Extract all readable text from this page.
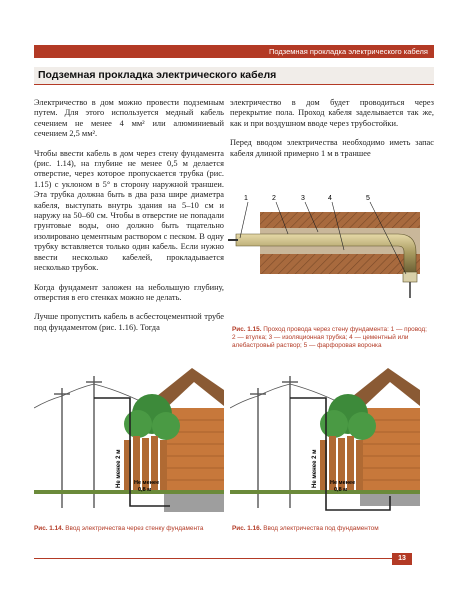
Подземная прокладка электрического кабеля
Подземная прокладка электрического кабеля

Электричество в дом можно провести подземным путем. Для этого используется медный кабель сечением не менее 4 мм² или алюминиевый сечением 2,5 мм².

Чтобы ввести кабель в дом через стену фундамента (рис. 1.14), на глубине не менее 0,5 м делается отверстие, через которое пропускается трубка (рис. 1.15) с уклоном в 5° в сторону наружной траншеи. Эта трубка должна быть в два раза шире диаметра кабеля, выступать внутрь здания на 5–10 см и наружу на 50–60 см. Чтобы в отверстие не попадали грунтовые воды, оно должно быть тщательно изолировано цементным раствором с песком. В одну трубку вставляется только один кабель. Если нужно ввести несколько кабелей, прокладывается несколько трубок.

Когда фундамент заложен на небольшую глубину, отверстия в его стенках можно не делать.

Лучше пропустить кабель в асбестоцементной трубе под фундаментом (рис. 1.16). Тогда

электричество в дом будет проводиться через перекрытие пола. Проход кабеля заделывается так же, как и при воздушном вводе через трубостойки.

Перед вводом электричества необходимо иметь запас кабеля длиной примерно 1 м в траншее

1	2	3	4	5
Рис. 1.15. Проход провода через стену фундамента: 1 — провод; 2 — втулка; 3 — изоляционная трубка; 4 — цементный или алебастровый раствор; 5 — фарфоровая воронка
Не менее 2 м Не менее
0,8 м
Рис. 1.14. Ввод электричества через стенку фундамента
Не менее 2 м Не менее
0,8 м
Рис. 1.16. Ввод электричества под фундаментом
13
